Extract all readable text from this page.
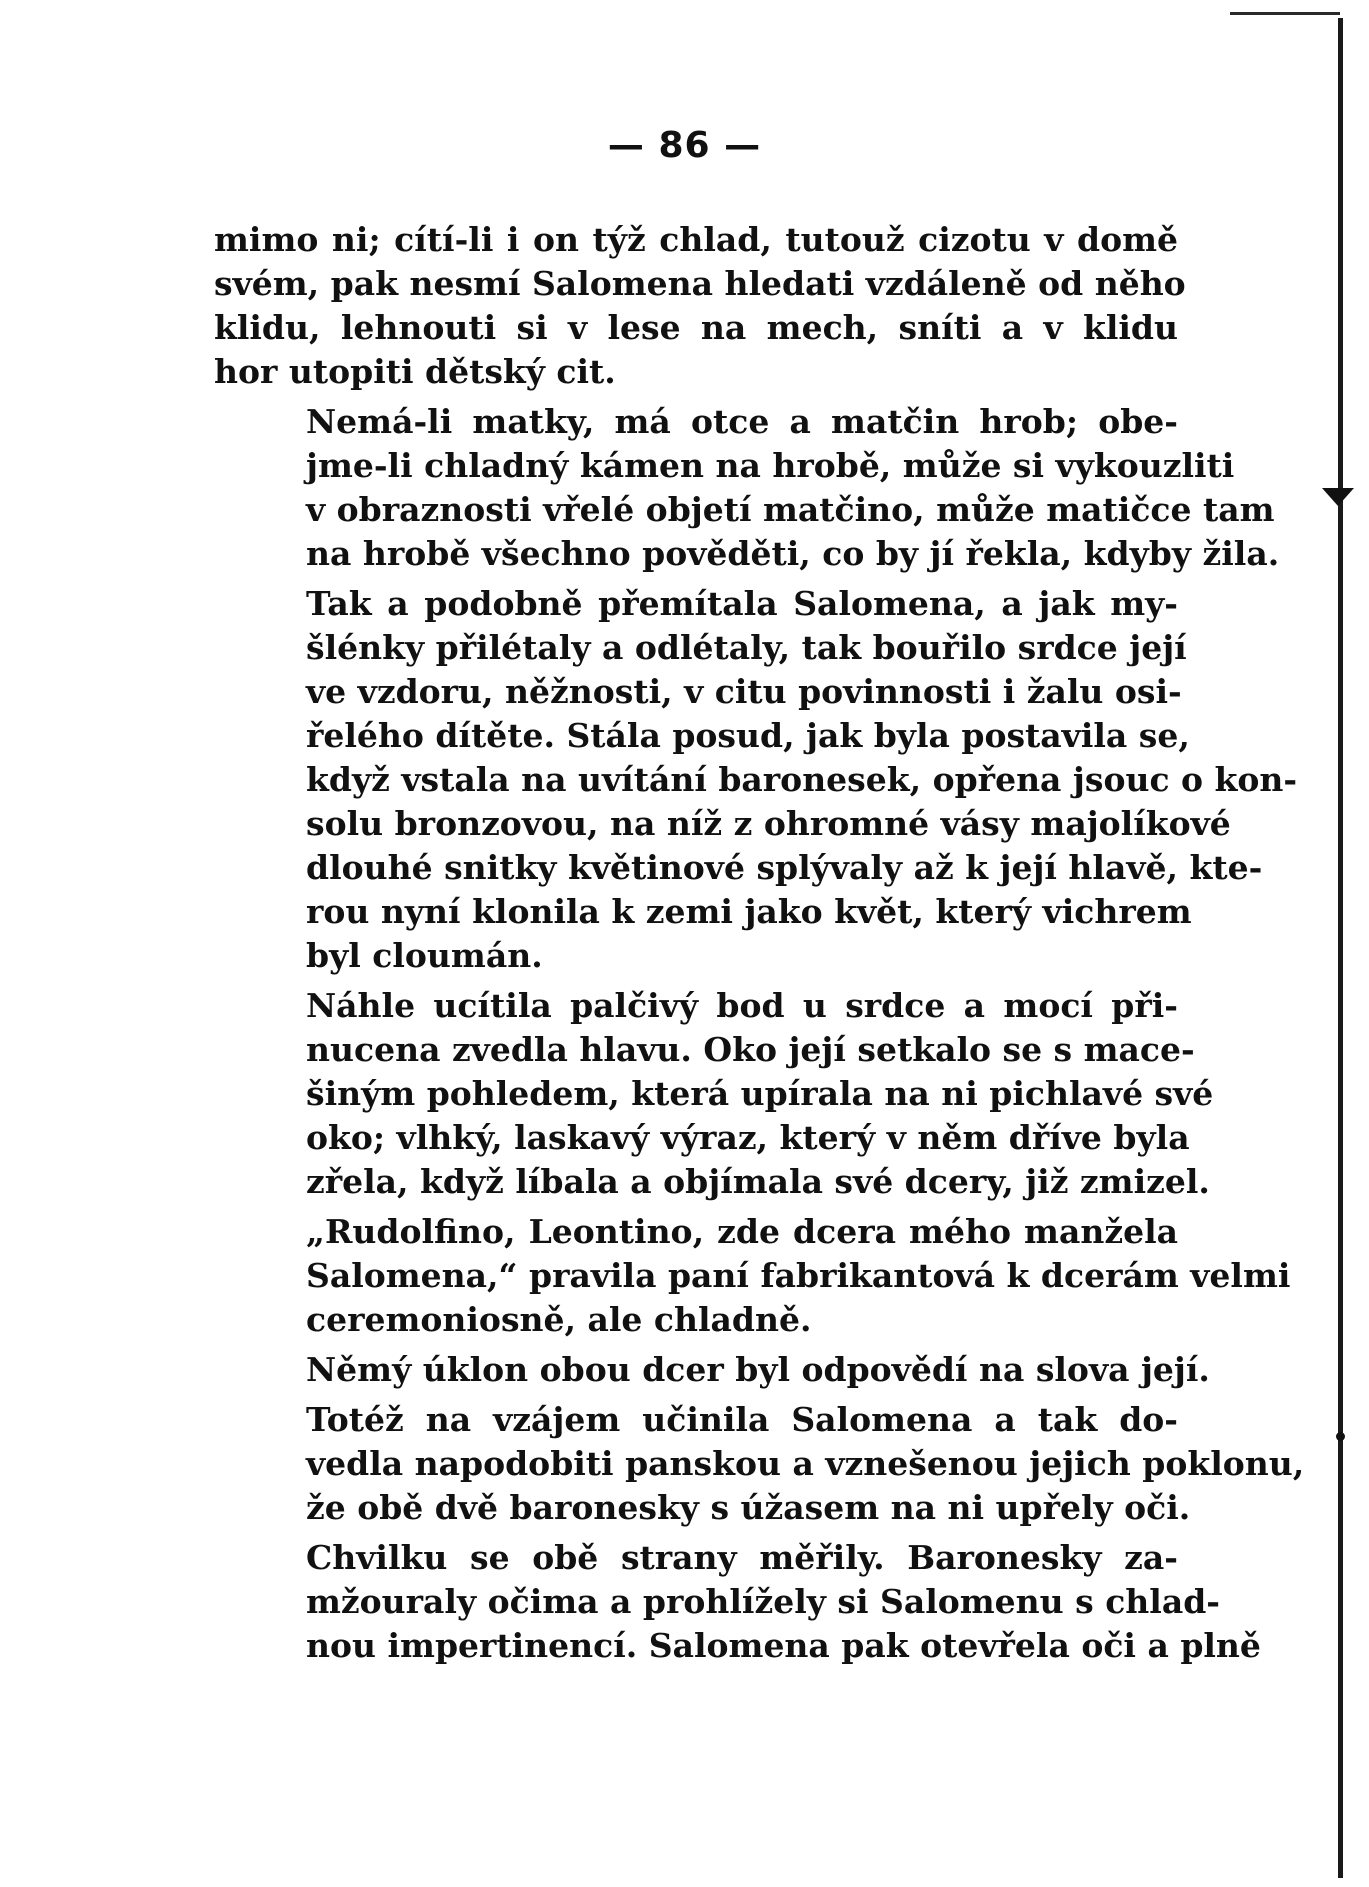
— 86 —
mimo ni; cítí-li i on týž chlad, tutouž cizotu v domě
svém, pak nesmí Salomena hledati vzdáleně od něho
klidu, lehnouti si v lese na mech, sníti a v klidu
hor utopiti dětský cit.
Nemá-li matky, má otce a matčin hrob; obe-
jme-li chladný kámen na hrobě, může si vykouzliti
v obraznosti vřelé objetí matčino, může matičce tam
na hrobě všechno pověděti, co by jí řekla, kdyby žila.
Tak a podobně přemítala Salomena, a jak my-
šlénky přilétaly a odlétaly, tak bouřilo srdce její
ve vzdoru, něžnosti, v citu povinnosti i žalu osi-
řelého dítěte. Stála posud, jak byla postavila se,
když vstala na uvítání baronesek, opřena jsouc o kon-
solu bronzovou, na níž z ohromné vásy majolíkové
dlouhé snitky květinové splývaly až k její hlavě, kte-
rou nyní klonila k zemi jako květ, který vichrem
byl cloumán.
Náhle ucítila palčivý bod u srdce a mocí při-
nucena zvedla hlavu. Oko její setkalo se s mace-
šiným pohledem, která upírala na ni pichlavé své
oko; vlhký, laskavý výraz, který v něm dříve byla
zřela, když líbala a objímala své dcery, již zmizel.
„Rudolfino, Leontino, zde dcera mého manžela
Salomena,“ pravila paní fabrikantová k dcerám velmi
ceremoniosně, ale chladně.
Němý úklon obou dcer byl odpovědí na slova její.
Totéž na vzájem učinila Salomena a tak do-
vedla napodobiti panskou a vznešenou jejich poklonu,
že obě dvě baronesky s úžasem na ni upřely oči.
Chvilku se obě strany měřily. Baronesky za-
mžouraly očima a prohlížely si Salomenu s chlad-
nou impertinencí. Salomena pak otevřela oči a plně
